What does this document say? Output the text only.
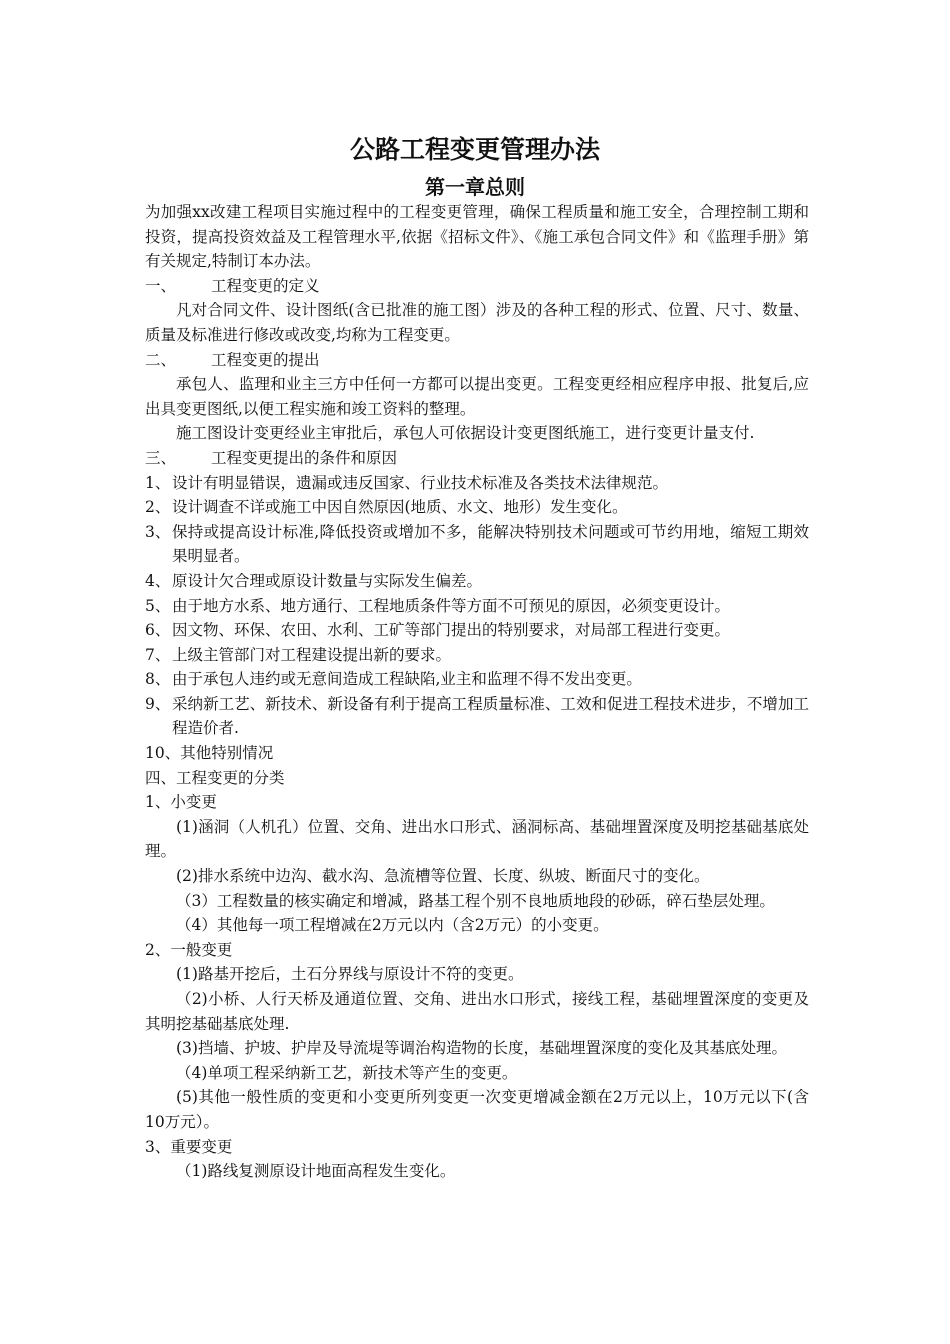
公路工程变更管理办法
第一章总则

为加强xx改建工程项目实施过程中的工程变更管理，确保工程质量和施工安全，合理控制工期和投资，提高投资效益及工程管理水平,依据《招标文件》、《施工承包合同文件》和《监理手册》第有关规定,特制订本办法。

一、	工程变更的定义

凡对合同文件、设计图纸(含已批准的施工图）涉及的各种工程的形式、位置、尺寸、数量、质量及标准进行修改或改变,均称为工程变更。

二、	工程变更的提出

承包人、监理和业主三方中任何一方都可以提出变更。工程变更经相应程序申报、批复后,应出具变更图纸,以便工程实施和竣工资料的整理。

施工图设计变更经业主审批后，承包人可依据设计变更图纸施工，进行变更计量支付.

三、	工程变更提出的条件和原因

1、 设计有明显错误，遗漏或违反国家、行业技术标准及各类技术法律规范。
2、 设计调查不详或施工中因自然原因(地质、水文、地形）发生变化。
3、 保持或提高设计标准,降低投资或增加不多，能解决特别技术问题或可节约用地，缩短工期效果明显者。
4、 原设计欠合理或原设计数量与实际发生偏差。
5、 由于地方水系、地方通行、工程地质条件等方面不可预见的原因，必须变更设计。
6、 因文物、环保、农田、水利、工矿等部门提出的特别要求，对局部工程进行变更。
7、 上级主管部门对工程建设提出新的要求。
8、 由于承包人违约或无意间造成工程缺陷,业主和监理不得不发出变更。
9、 采纳新工艺、新技术、新设备有利于提高工程质量标准、工效和促进工程技术进步，不增加工程造价者.

10、其他特别情况

四、工程变更的分类

1、小变更

(1)涵洞（人机孔）位置、交角、进出水口形式、涵洞标高、基础埋置深度及明挖基础基底处理。

(2)排水系统中边沟、截水沟、急流槽等位置、长度、纵坡、断面尺寸的变化。

（3）工程数量的核实确定和增减，路基工程个别不良地质地段的砂砾，碎石垫层处理。

（4）其他每一项工程增减在2万元以内（含2万元）的小变更。

2、一般变更

(1)路基开挖后，土石分界线与原设计不符的变更。

（2)小桥、人行天桥及通道位置、交角、进出水口形式，接线工程，基础埋置深度的变更及其明挖基础基底处理.

(3)挡墙、护坡、护岸及导流堤等调治构造物的长度，基础埋置深度的变化及其基底处理。

（4)单项工程采纳新工艺，新技术等产生的变更。

(5)其他一般性质的变更和小变更所列变更一次变更增减金额在2万元以上，10万元以下(含10万元）。

3、重要变更

（1)路线复测原设计地面高程发生变化。
